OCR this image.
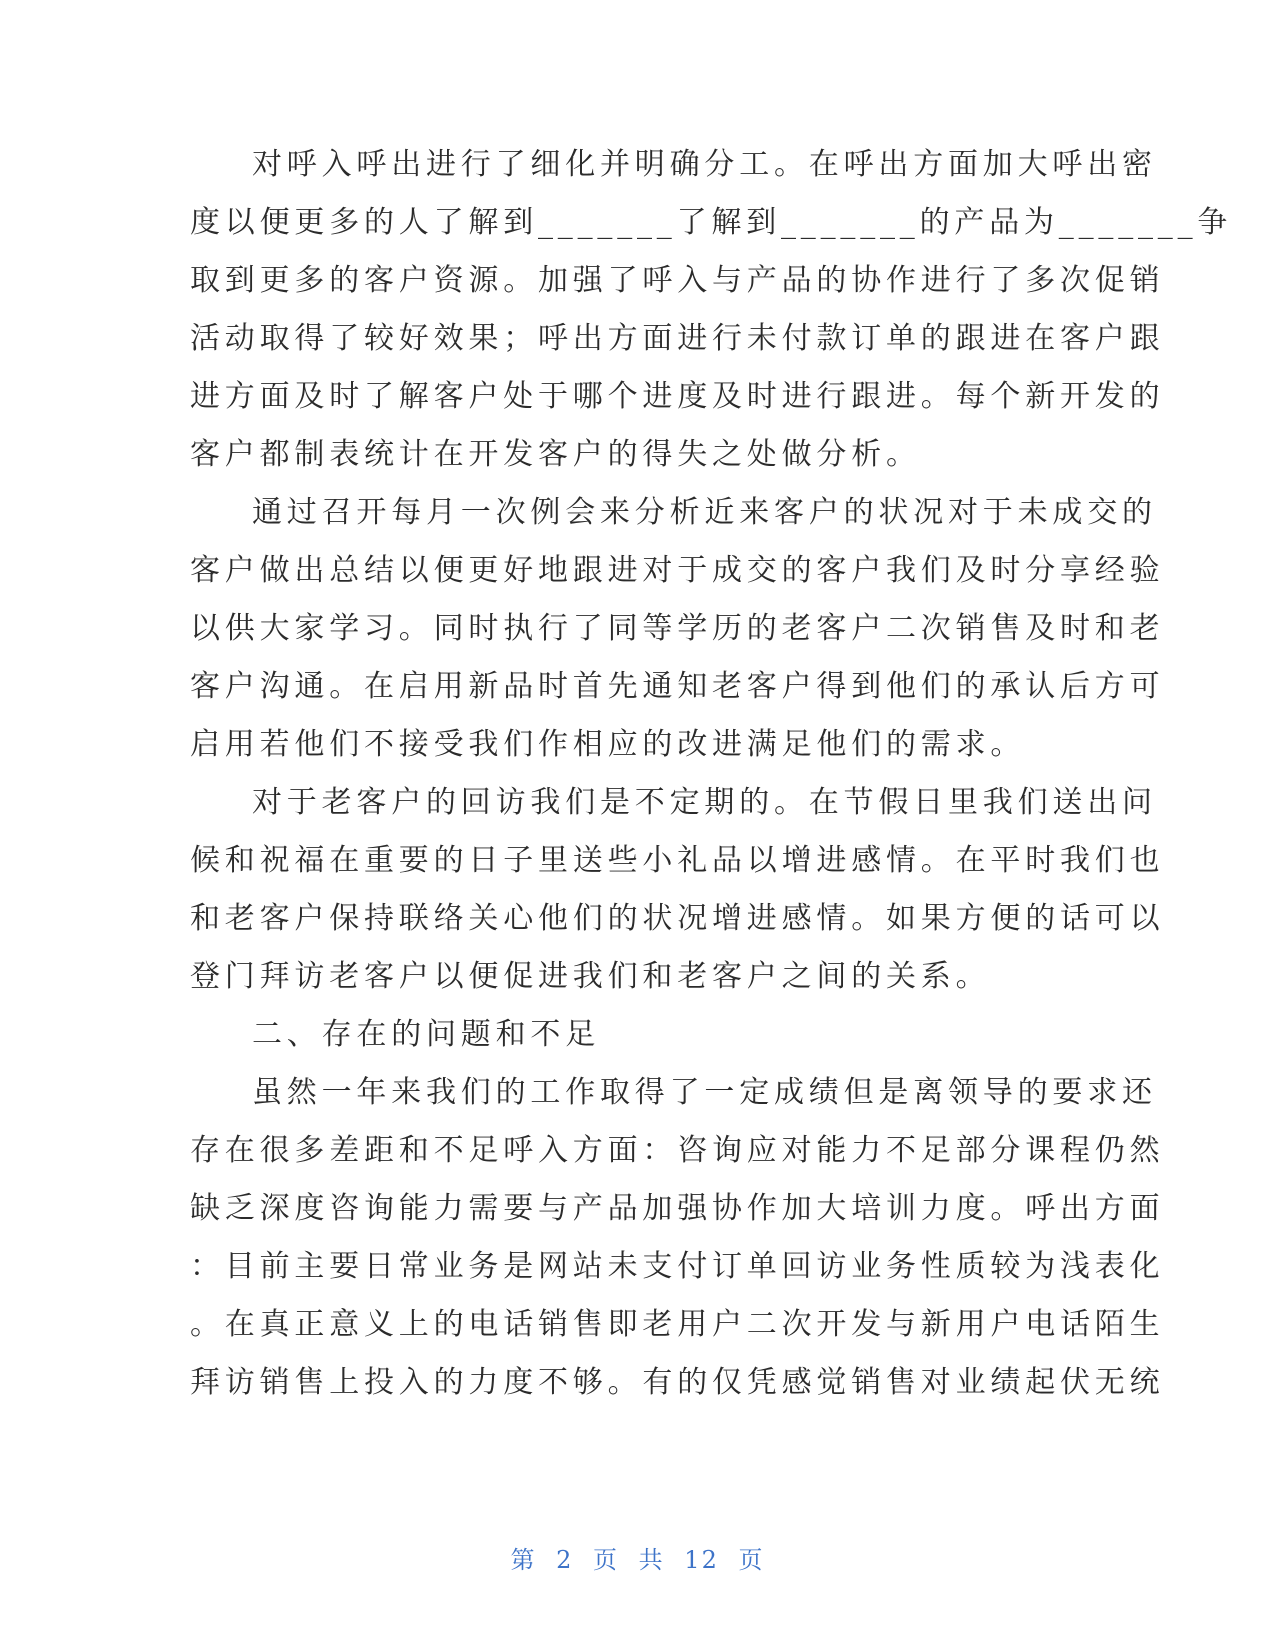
对呼入呼出进行了细化并明确分工。在呼出方面加大呼出密
度以便更多的人了解到_______了解到_______的产品为_______争
取到更多的客户资源。加强了呼入与产品的协作进行了多次促销
活动取得了较好效果；呼出方面进行未付款订单的跟进在客户跟
进方面及时了解客户处于哪个进度及时进行跟进。每个新开发的
客户都制表统计在开发客户的得失之处做分析。
通过召开每月一次例会来分析近来客户的状况对于未成交的
客户做出总结以便更好地跟进对于成交的客户我们及时分享经验
以供大家学习。同时执行了同等学历的老客户二次销售及时和老
客户沟通。在启用新品时首先通知老客户得到他们的承认后方可
启用若他们不接受我们作相应的改进满足他们的需求。
对于老客户的回访我们是不定期的。在节假日里我们送出问
候和祝福在重要的日子里送些小礼品以增进感情。在平时我们也
和老客户保持联络关心他们的状况增进感情。如果方便的话可以
登门拜访老客户以便促进我们和老客户之间的关系。
二、存在的问题和不足
虽然一年来我们的工作取得了一定成绩但是离领导的要求还
存在很多差距和不足呼入方面：咨询应对能力不足部分课程仍然
缺乏深度咨询能力需要与产品加强协作加大培训力度。呼出方面
：目前主要日常业务是网站未支付订单回访业务性质较为浅表化
。在真正意义上的电话销售即老用户二次开发与新用户电话陌生
拜访销售上投入的力度不够。有的仅凭感觉销售对业绩起伏无统
第 2 页 共 12 页
